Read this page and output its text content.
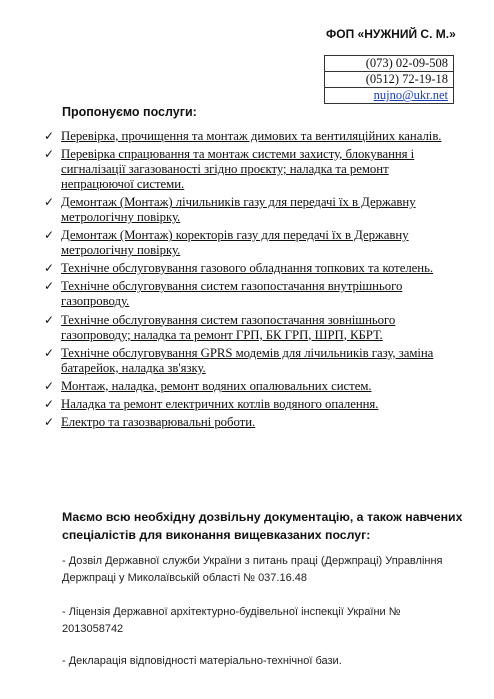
ФОП «НУЖНИЙ С. М.»
(073) 02-09-508
(0512) 72-19-18
nujno@ukr.net
Пропонуємо послуги:
✓ Перевірка, прочищення та монтаж димових та вентиляційних каналів.
✓ Перевірка спрацювання та монтаж системи захисту, блокування і сигналізації загазованості згідно проєкту; наладка та ремонт непрацюючої системи.
✓ Демонтаж (Монтаж) лічильників газу для передачі їх в Державну метрологічну повірку.
✓ Демонтаж (Монтаж) коректорів газу для передачі їх в Державну метрологічну повірку.
✓ Технічне обслуговування газового обладнання топкових та котелень.
✓ Технічне обслуговування систем газопостачання внутрішнього газопроводу.
✓ Технічне обслуговування систем газопостачання зовнішнього газопроводу; наладка та ремонт ГРП, БК ГРП, ШРП, КБРТ.
✓ Технічне обслуговування GPRS модемів для лічильників газу, заміна батарейок, наладка зв'язку.
✓ Монтаж, наладка, ремонт водяних опалювальних систем.
✓ Наладка та ремонт електричних котлів водяного опалення.
✓ Електро та газозварювальні роботи.
Маємо всю необхідну дозвільну документацію, а також навчених спеціалістів для виконання вищевказаних послуг:
- Дозвіл Державної служби України з питань праці (Держпраці) Управління Держпраці у Миколаївській області № 037.16.48
- Ліцензія Державної архітектурно-будівельної інспекції України № 2013058742
- Декларація відповідності матеріально-технічної бази.
